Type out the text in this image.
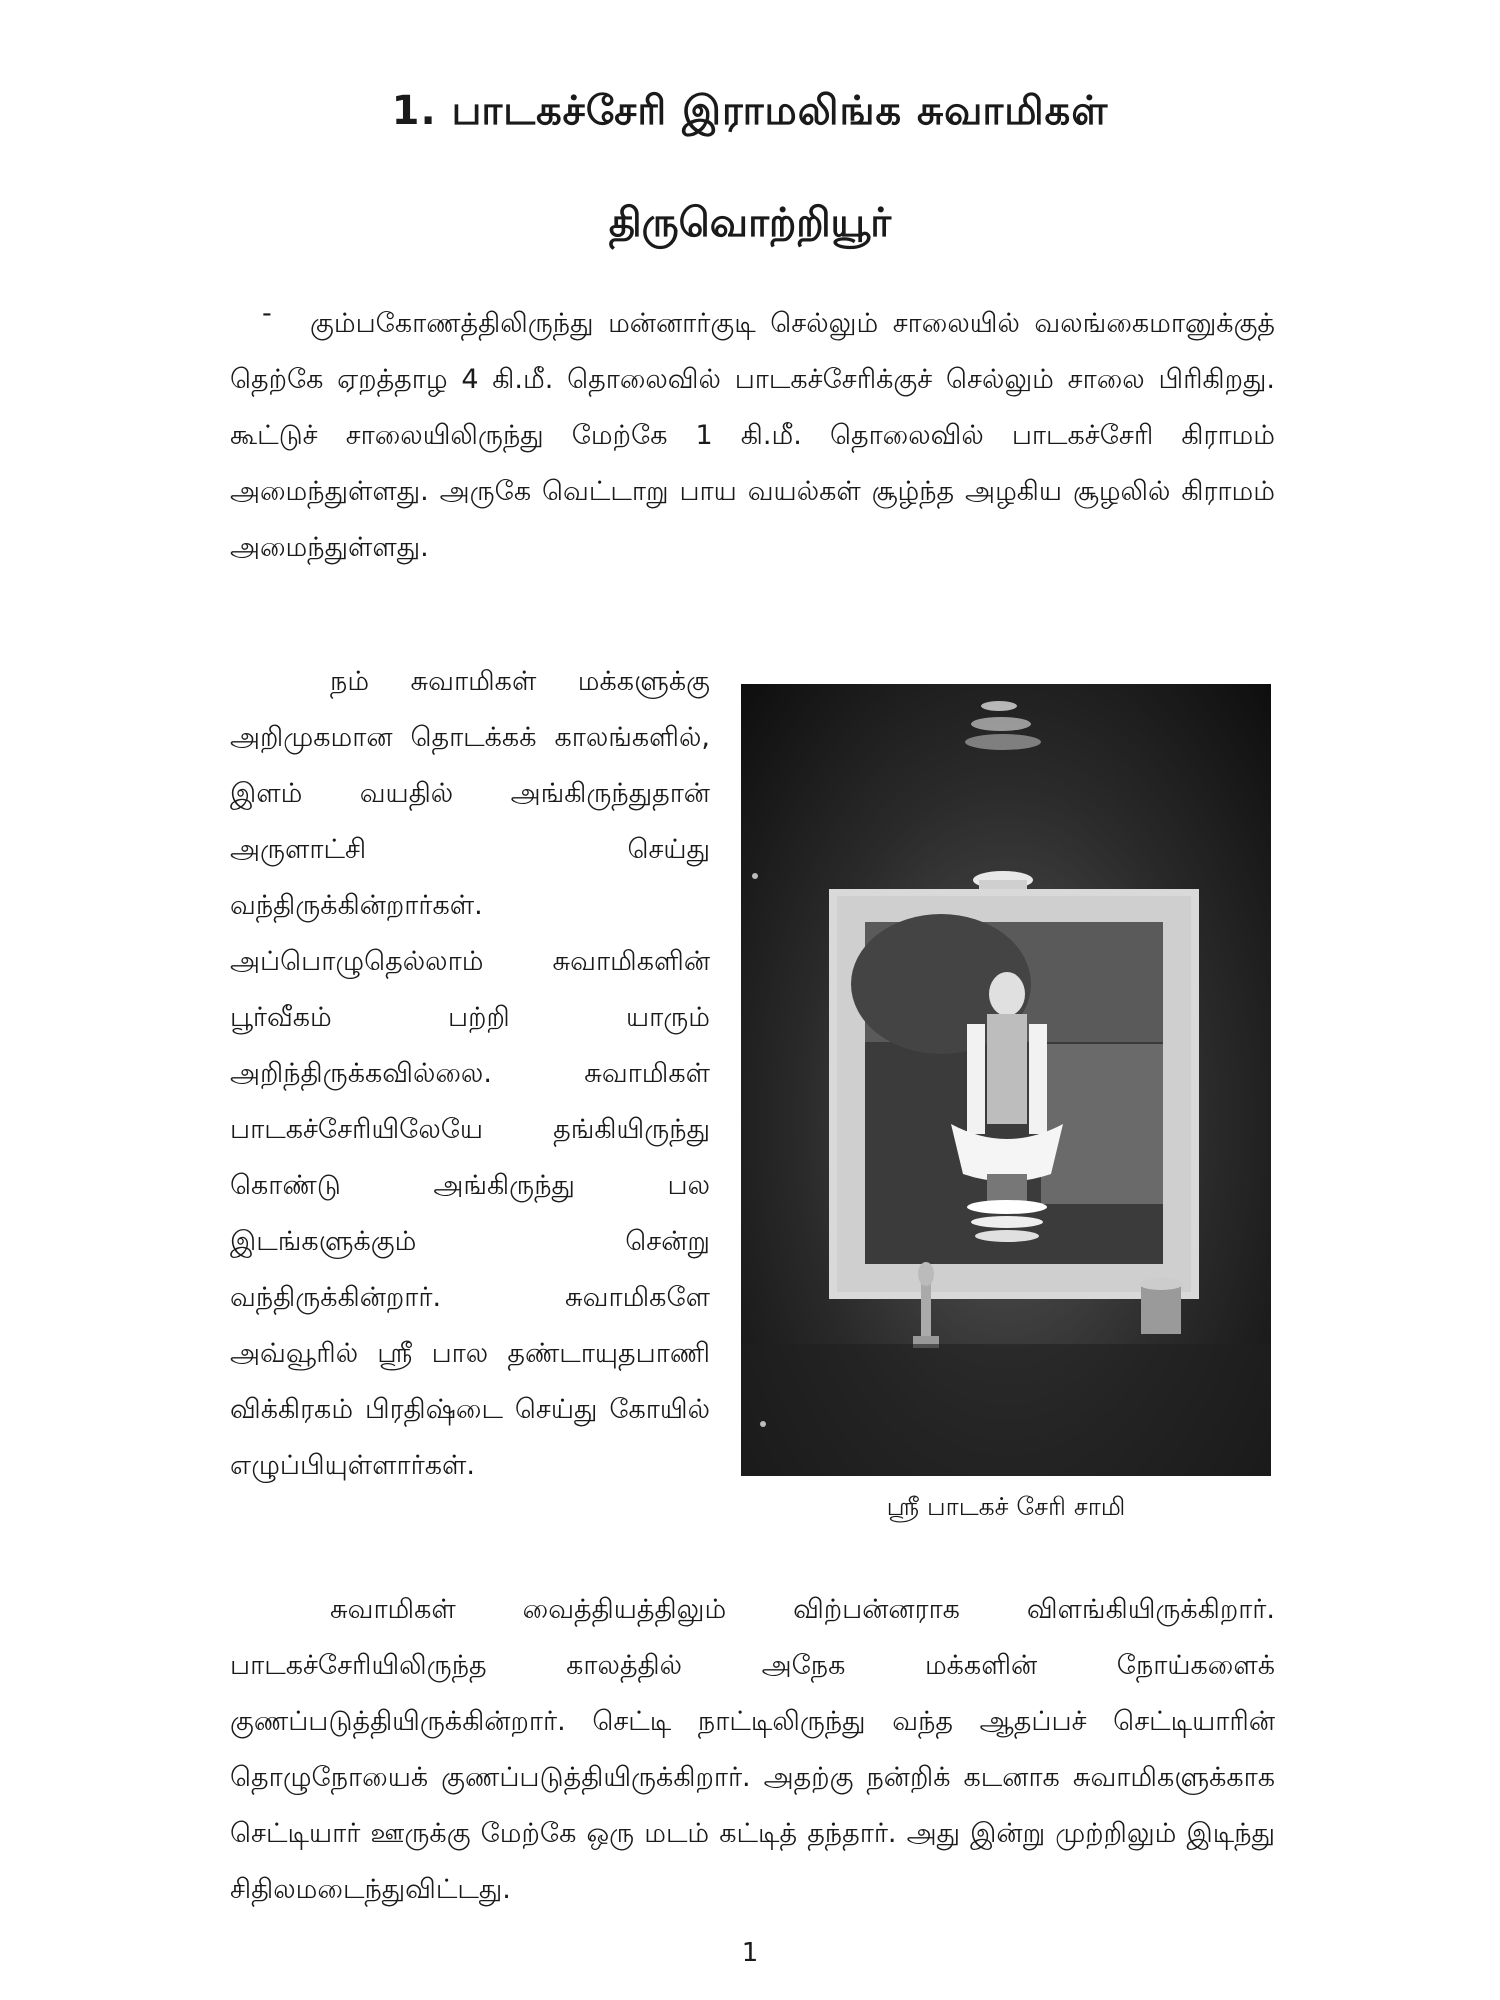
1. பாடகச்சேரி இராமலிங்க சுவாமிகள்
திருவொற்றியூர்
-	கும்பகோணத்திலிருந்து மன்னார்குடி செல்லும் சாலையில் வலங்கைமானுக்குத் தெற்கே ஏறத்தாழ 4 கி.மீ. தொலைவில் பாடகச்சேரிக்குச் செல்லும் சாலை பிரிகிறது. கூட்டுச் சாலையிலிருந்து மேற்கே 1 கி.மீ. தொலைவில் பாடகச்சேரி கிராமம் அமைந்துள்ளது. அருகே வெட்டாறு பாய வயல்கள் சூழ்ந்த அழகிய சூழலில் கிராமம் அமைந்துள்ளது.

நம் சுவாமிகள் மக்களுக்கு அறிமுகமான தொடக்கக் காலங்களில், இளம் வயதில் அங்கிருந்துதான் அருளாட்சி செய்து வந்திருக்கின்றார்கள். அப்பொழுதெல்லாம் சுவாமிகளின் பூர்வீகம் பற்றி யாரும் அறிந்திருக்கவில்லை. சுவாமிகள் பாடகச்சேரியிலேயே தங்கியிருந்து கொண்டு அங்கிருந்து பல இடங்களுக்கும் சென்று வந்திருக்கின்றார். சுவாமிகளே அவ்வூரில் ஸ்ரீ பால தண்டாயுதபாணி விக்கிரகம் பிரதிஷ்டை செய்து கோயில் எழுப்பியுள்ளார்கள்.

ஸ்ரீ பாடகச் சேரி சாமி

சுவாமிகள் வைத்தியத்திலும் விற்பன்னராக விளங்கியிருக்கிறார். பாடகச்சேரியிலிருந்த காலத்தில் அநேக மக்களின் நோய்களைக் குணப்படுத்தியிருக்கின்றார். செட்டி நாட்டிலிருந்து வந்த ஆதப்பச் செட்டியாரின் தொழுநோயைக் குணப்படுத்தியிருக்கிறார். அதற்கு நன்றிக் கடனாக சுவாமிகளுக்காக செட்டியார் ஊருக்கு மேற்கே ஒரு மடம் கட்டித் தந்தார். அது இன்று முற்றிலும் இடிந்து சிதிலமடைந்துவிட்டது.

1
